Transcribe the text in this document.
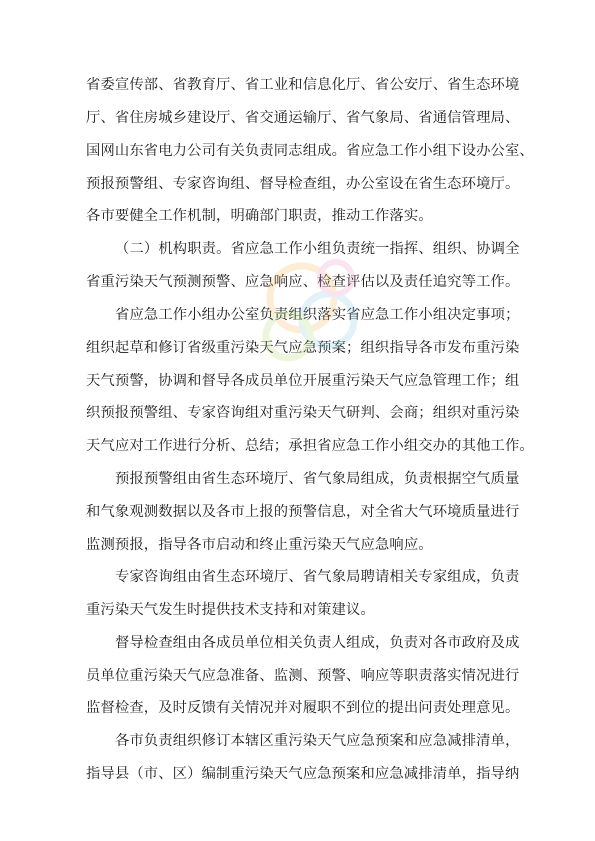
省委宣传部、省教育厅、省工业和信息化厅、省公安厅、省生态环境
厅、省住房城乡建设厅、省交通运输厅、省气象局、省通信管理局、
国网山东省电力公司有关负责同志组成。省应急工作小组下设办公室、
预报预警组、专家咨询组、督导检查组，办公室设在省生态环境厅。
各市要健全工作机制，明确部门职责，推动工作落实。
（二）机构职责。省应急工作小组负责统一指挥、组织、协调全
省重污染天气预测预警、应急响应、检查评估以及责任追究等工作。
省应急工作小组办公室负责组织落实省应急工作小组决定事项；
组织起草和修订省级重污染天气应急预案；组织指导各市发布重污染
天气预警，协调和督导各成员单位开展重污染天气应急管理工作；组
织预报预警组、专家咨询组对重污染天气研判、会商；组织对重污染
天气应对工作进行分析、总结；承担省应急工作小组交办的其他工作。
预报预警组由省生态环境厅、省气象局组成，负责根据空气质量
和气象观测数据以及各市上报的预警信息，对全省大气环境质量进行
监测预报，指导各市启动和终止重污染天气应急响应。
专家咨询组由省生态环境厅、省气象局聘请相关专家组成，负责
重污染天气发生时提供技术支持和对策建议。
督导检查组由各成员单位相关负责人组成，负责对各市政府及成
员单位重污染天气应急准备、监测、预警、响应等职责落实情况进行
监督检查，及时反馈有关情况并对履职不到位的提出问责处理意见。
各市负责组织修订本辖区重污染天气应急预案和应急减排清单，
指导县（市、区）编制重污染天气应急预案和应急减排清单，指导纳
